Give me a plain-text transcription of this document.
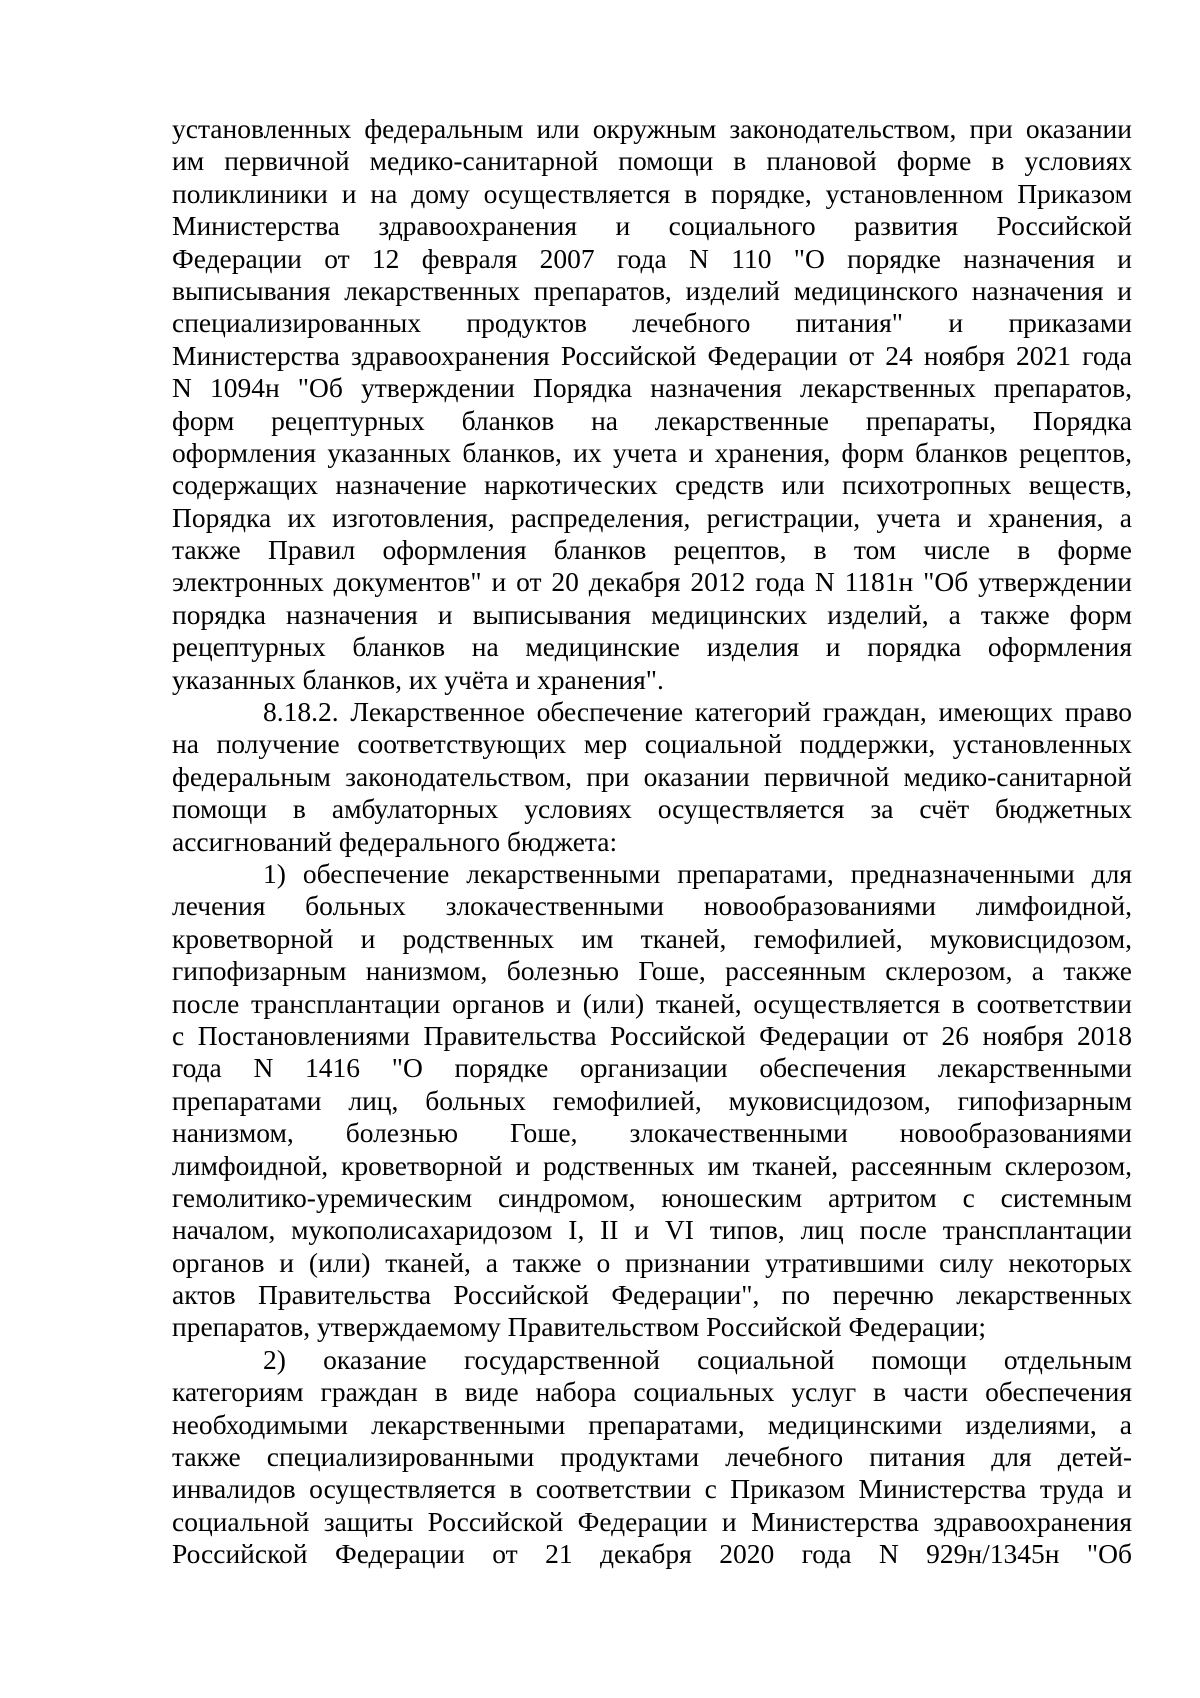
установленных федеральным или окружным законодательством, при оказании
им первичной медико-санитарной помощи в плановой форме в условиях
поликлиники и на дому осуществляется в порядке, установленном Приказом
Министерства здравоохранения и социального развития Российской
Федерации от 12 февраля 2007 года N 110 "О порядке назначения и
выписывания лекарственных препаратов, изделий медицинского назначения и
специализированных продуктов лечебного питания" и приказами
Министерства здравоохранения Российской Федерации от 24 ноября 2021 года
N 1094н "Об утверждении Порядка назначения лекарственных препаратов,
форм рецептурных бланков на лекарственные препараты, Порядка
оформления указанных бланков, их учета и хранения, форм бланков рецептов,
содержащих назначение наркотических средств или психотропных веществ,
Порядка их изготовления, распределения, регистрации, учета и хранения, а
также Правил оформления бланков рецептов, в том числе в форме
электронных документов" и от 20 декабря 2012 года N 1181н "Об утверждении
порядка назначения и выписывания медицинских изделий, а также форм
рецептурных бланков на медицинские изделия и порядка оформления
указанных бланков, их учёта и хранения".
8.18.2. Лекарственное обеспечение категорий граждан, имеющих право
на получение соответствующих мер социальной поддержки, установленных
федеральным законодательством, при оказании первичной медико-санитарной
помощи в амбулаторных условиях осуществляется за счёт бюджетных
ассигнований федерального бюджета:
1) обеспечение лекарственными препаратами, предназначенными для
лечения больных злокачественными новообразованиями лимфоидной,
кроветворной и родственных им тканей, гемофилией, муковисцидозом,
гипофизарным нанизмом, болезнью Гоше, рассеянным склерозом, а также
после трансплантации органов и (или) тканей, осуществляется в соответствии
с Постановлениями Правительства Российской Федерации от 26 ноября 2018
года N 1416 "О порядке организации обеспечения лекарственными
препаратами лиц, больных гемофилией, муковисцидозом, гипофизарным
нанизмом, болезнью Гоше, злокачественными новообразованиями
лимфоидной, кроветворной и родственных им тканей, рассеянным склерозом,
гемолитико-уремическим синдромом, юношеским артритом с системным
началом, мукополисахаридозом I, II и VI типов, лиц после трансплантации
органов и (или) тканей, а также о признании утратившими силу некоторых
актов Правительства Российской Федерации", по перечню лекарственных
препаратов, утверждаемому Правительством Российской Федерации;
2) оказание государственной социальной помощи отдельным
категориям граждан в виде набора социальных услуг в части обеспечения
необходимыми лекарственными препаратами, медицинскими изделиями, а
также специализированными продуктами лечебного питания для детей-
инвалидов осуществляется в соответствии с Приказом Министерства труда и
социальной защиты Российской Федерации и Министерства здравоохранения
Российской Федерации от 21 декабря 2020 года N 929н/1345н "Об
